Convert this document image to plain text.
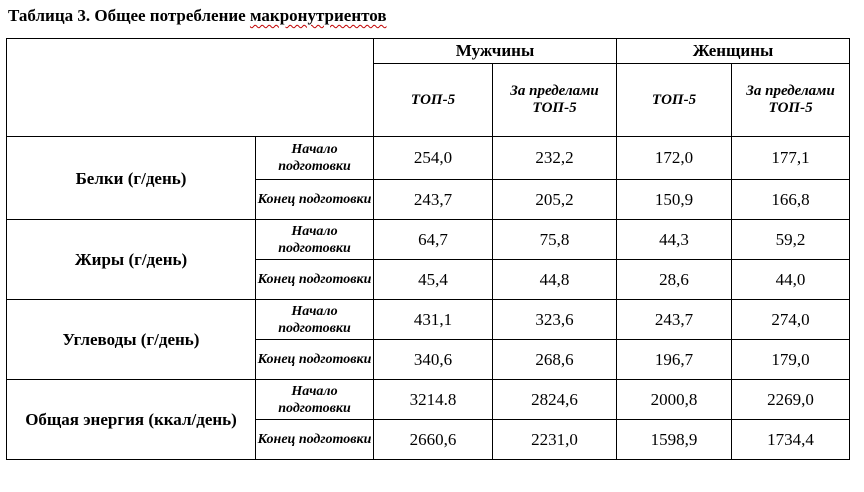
Таблица 3. Общее потребление макронутриентов
		Мужчины		Женщины	
		ТОП-5	За пределами ТОП-5	ТОП-5	За пределами ТОП-5
Белки (г/день)	Начало подготовки	254,0	232,2	172,0	177,1
	Конец подготовки	243,7	205,2	150,9	166,8
Жиры (г/день)	Начало подготовки	64,7	75,8	44,3	59,2
	Конец подготовки	45,4	44,8	28,6	44,0
Углеводы (г/день)	Начало подготовки	431,1	323,6	243,7	274,0
	Конец подготовки	340,6	268,6	196,7	179,0
Общая энергия (ккал/день)	Начало подготовки	3214.8	2824,6	2000,8	2269,0
	Конец подготовки	2660,6	2231,0	1598,9	1734,4
